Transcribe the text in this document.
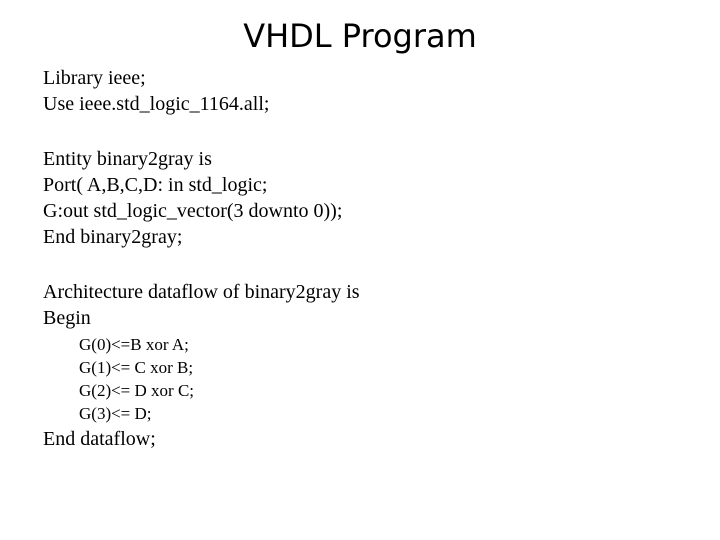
VHDL Program
Library ieee;
Use ieee.std_logic_1164.all;
Entity binary2gray is
Port( A,B,C,D: in std_logic;
G:out std_logic_vector(3 downto 0));
End binary2gray;
Architecture dataflow of binary2gray is
Begin
G(0)<=B xor A;
G(1)<= C xor B;
G(2)<= D xor C;
G(3)<= D;
End dataflow;
